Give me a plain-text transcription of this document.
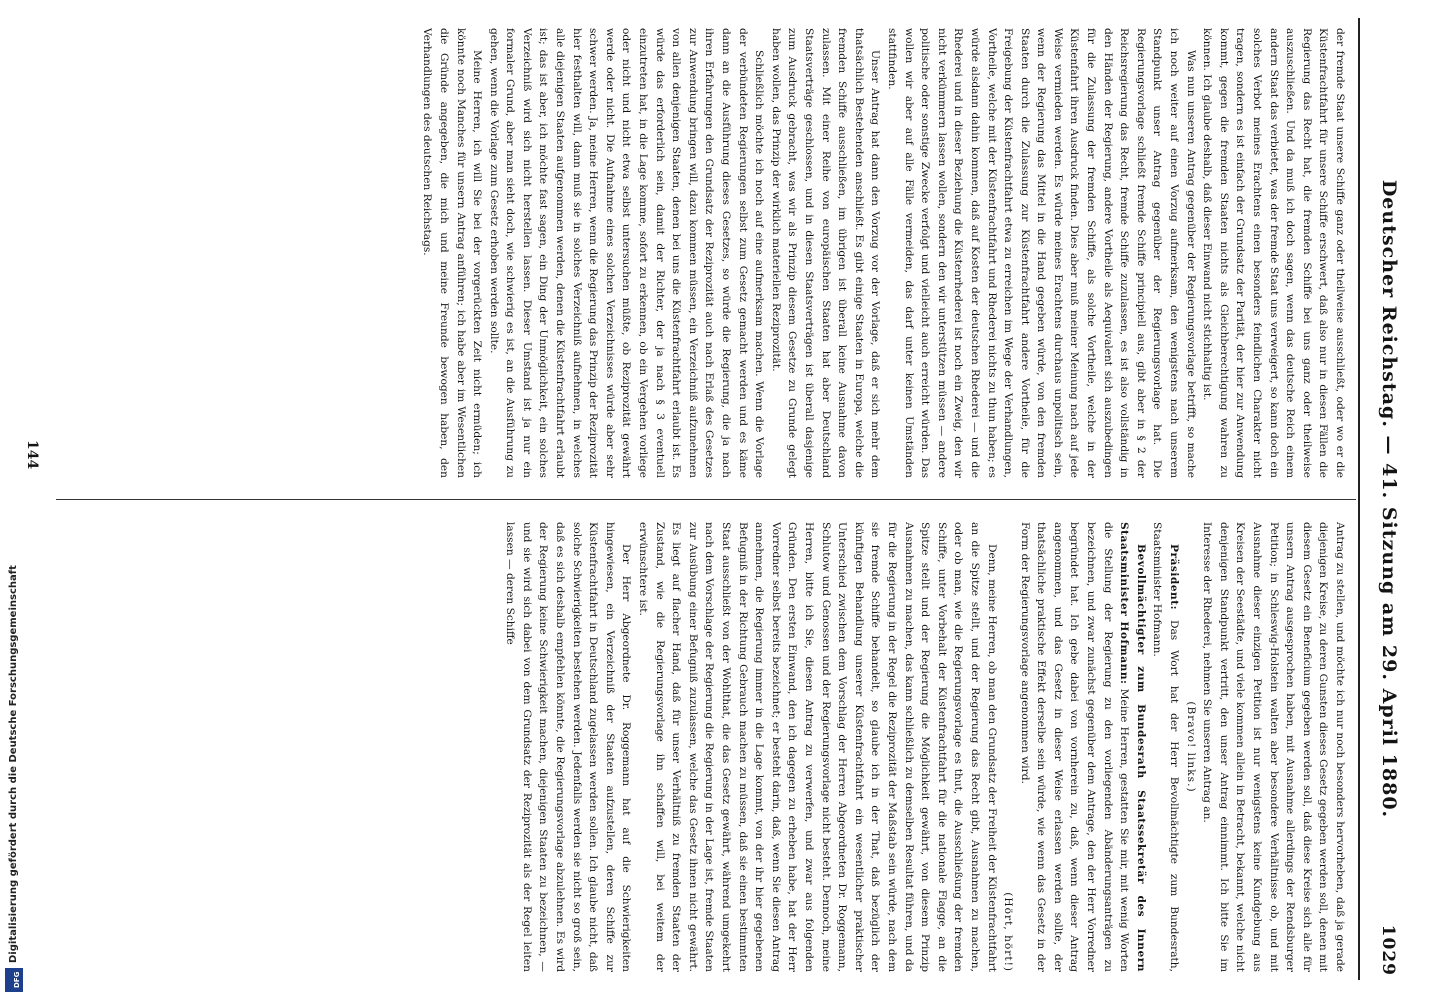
Deutscher Reichstag. — 41. Sitzung am 29. April 1880.
1029

der fremde Staat unsere Schiffe ganz oder theilweise ausschließt, oder wo er die Küstenfrachtfahrt für unsere Schiffe erschwert, daß also nur in diesen Fällen die Regierung das Recht hat, die fremden Schiffe bei uns ganz oder theilweise auszuschließen. Und da muß ich doch sagen, wenn das deutsche Reich einem andern Staat das verbietet, was der fremde Staat uns verweigert, so kann doch ein solches Verbot meines Erachtens einen besonders feindlichen Charakter nicht tragen, sondern es ist einfach der Grundsatz der Parität, der hier zur Anwendung kommt, gegen die fremden Staaten nichts als Gleichberechtigung wahren zu können. Ich glaube deshalb, daß dieser Einwand nicht stichhaltig ist.

Was nun unseren Antrag gegenüber der Regierungsvorlage betrifft, so mache ich noch weiter auf einen Vorzug aufmerksam, den wenigstens nach unserem Standpunkt unser Antrag gegenüber der Regierungsvorlage hat. Die Regierungsvorlage schließt fremde Schiffe principiell aus, gibt aber in § 2 der Reichsregierung das Recht, fremde Schiffe zuzulassen, es ist also vollständig in den Händen der Regierung, andere Vortheile als Aequivalent sich auszubedingen für die Zulassung der fremden Schiffe, als solche Vortheile, welche in der Küstenfahrt ihren Ausdruck finden. Dies aber muß meiner Meinung nach auf jede Weise vermieden werden. Es würde meines Erachtens durchaus unpolitisch sein, wenn der Regierung das Mittel in die Hand gegeben würde, von den fremden Staaten durch die Zulassung zur Küstenfrachtfahrt andere Vortheile, für die Freigebung der Küstenfrachtfahrt etwa zu erreichen im Wege der Verhandlungen, Vortheile, welche mit der Küstenfrachtfahrt und Rhederei nichts zu thun haben; es würde alsdann dahin kommen, daß auf Kosten der deutschen Rhederei — und die Rhederei und in dieser Beziehung die Küstenrhederei ist noch ein Zweig, den wir nicht verkümmern lassen wollen, sondern den wir unterstützen müssen — andere politische oder sonstige Zwecke verfolgt und vielleicht auch erreicht würden. Das wollen wir aber auf alle Fälle vermeiden, das darf unter keinen Umständen stattfinden.

Unser Antrag hat dann den Vorzug vor der Vorlage, daß er sich mehr dem thatsächlich Bestehenden anschließt. Es gibt einige Staaten in Europa, welche die fremden Schiffe ausschließen, im übrigen ist überall keine Ausnahme davon zulassen. Mit einer Reihe von europäischen Staaten hat aber Deutschland Staatsverträge geschlossen, und in diesen Staatsverträgen ist überall dasjenige zum Ausdruck gebracht, was wir als Prinzip diesem Gesetze zu Grunde gelegt haben wollen, das Prinzip der wirklich materiellen Reziprozität.

Schließlich möchte ich noch auf eine aufmerksam machen. Wenn die Vorlage der verbündeten Regierungen selbst zum Gesetz gemacht werden und es käme dann an die Ausführung dieses Gesetzes, so würde die Regierung, die ja nach ihren Erfahrungen den Grundsatz der Reziprozität auch nach Erlaß des Gesetzes zur Anwendung bringen will, dazu kommen müssen, ein Verzeichniß aufzunehmen von allen denjenigen Staaten, denen bei uns die Küstenfrachtfahrt erlaubt ist. Es würde das erforderlich sein, damit der Richter, der ja nach § 3 eventuell einzutreten hat, in die Lage komme, sofort zu erkennen, ob ein Vergehen vorliege oder nicht und nicht etwa selbst untersuchen müßte, ob Reziprozität gewährt werde oder nicht. Die Aufnahme eines solchen Verzeichnisses würde aber sehr schwer werden. Ja, meine Herren, wenn die Regierung das Prinzip der Reziprozität hier festhalten will, dann muß sie in solches Verzeichniß aufnehmen, in welches alle diejenigen Staaten aufgenommen werden, denen die Küstenfrachtfahrt erlaubt ist; das ist aber, ich möchte fast sagen, ein Ding der Unmöglichkeit, ein solches Verzeichniß wird sich nicht herstellen lassen. Dieser Umstand ist ja nur ein formaler Grund, aber man sieht doch, wie schwierig es ist, an die Ausführung zu gehen, wenn die Vorlage zum Gesetz erhoben werden sollte.

Meine Herren, ich will Sie bei der vorgerückten Zeit nicht ermüden; ich könnte noch Manches für unsern Antrag anführen; ich habe aber im Wesentlichen die Gründe angegeben, die mich und meine Freunde bewogen haben, den Verhandlungen des deutschen Reichstags.

Antrag zu stellen, und möchte ich nur noch besonders hervorheben, daß ja gerade diejenigen Kreise, zu deren Gunsten dieses Gesetz gegeben werden soll, denen mit diesem Gesetz ein Beneficium gegeben werden soll, daß diese Kreise sich alle für unsern Antrag ausgesprochen haben, mit Ausnahme allerdings der Rendsburger Petition; in Schleswig-Holstein walten aber besondere Verhältnisse ob, und mit Ausnahme dieser einzigen Petition ist nur wenigstens keine Kundgebung aus Kreisen der Seestädte, und viele kommen allein in Betracht, bekannt, welche nicht denjenigen Standpunkt vertritt, den unser Antrag einnimmt. Ich bitte Sie im Interesse der Rhederei, nehmen Sie unseren Antrag an.

(Bravo! links.)

Präsident: Das Wort hat der Herr Bevollmächtigte zum Bundesrath, Staatsminister Hofmann.

Bevollmächtigter zum Bundesrath Staatssekretär des Innern Staatsminister Hofmann: Meine Herren, gestatten Sie mir, mit wenig Worten die Stellung der Regierung zu den vorliegenden Abänderungsanträgen zu bezeichnen, und zwar zunächst gegenüber dem Antrage, den der Herr Vorredner begründet hat. Ich gebe dabei von vornherein zu, daß, wenn dieser Antrag angenommen, und das Gesetz in dieser Weise erlassen werden sollte, der thatsächliche praktische Effekt derselbe sein würde, wie wenn das Gesetz in der Form der Regierungsvorlage angenommen wird.

(Hört, hört!)

Denn, meine Herren, ob man den Grundsatz der Freiheit der Küstenfrachtfahrt an die Spitze stellt, und der Regierung das Recht gibt, Ausnahmen zu machen, oder ob man, wie die Regierungsvorlage es thut, die Ausschließung der fremden Schiffe, unter Vorbehalt der Küstenfrachtfahrt für die nationale Flagge, an die Spitze stellt und der Regierung die Möglichkeit gewährt, von diesem Prinzip Ausnahmen zu machen, das kann schließlich zu demselben Resultat führen, und da für die Regierung in der Regel die Reziprozität der Maßstab sein würde, nach dem sie fremde Schiffe behandelt, so glaube ich in der That, daß bezüglich der künftigen Behandlung unserer Küstenfrachtfahrt ein wesentlicher praktischer Unterschied zwischen dem Vorschlag der Herren Abgeordneten Dr. Roggemann, Schlutow und Genossen und der Regierungsvorlage nicht besteht. Dennoch, meine Herren, bitte ich Sie, diesen Antrag zu verwerfen, und zwar aus folgenden Gründen. Den ersten Einwand, den ich dagegen zu erheben habe, hat der Herr Vorredner selbst bereits bezeichnet; er besteht darin, daß, wenn Sie diesen Antrag annehmen, die Regierung immer in die Lage kommt, von der ihr hier gegebenen Befugniß in der Richtung Gebrauch machen zu müssen, daß sie einen bestimmten Staat ausschließt von der Wohlthat, die das Gesetz gewährt, während umgekehrt nach dem Vorschlage der Regierung die Regierung in der Lage ist, fremde Staaten zur Ausübung einer Befugniß zuzulassen, welche das Gesetz ihnen nicht gewährt. Es liegt auf flacher Hand, daß für unser Verhältniß zu fremden Staaten der Zustand, wie die Regierungsvorlage ihn schaffen will, bei weitem der erwünschtere ist.

Der Herr Abgeordnete Dr. Roggemann hat auf die Schwierigkeiten hingewiesen, ein Verzeichniß der Staaten aufzustellen, deren Schiffe zur Küstenfrachtfahrt in Deutschland zugelassen werden sollen. Ich glaube nicht, daß solche Schwierigkeiten bestehen werden. Jedenfalls werden sie nicht so groß sein, daß es sich deshalb empfehlen könnte, die Regierungsvorlage abzulehnen. Es wird der Regierung keine Schwierigkeit machen, diejenigen Staaten zu bezeichnen, — und sie wird sich dabei von dem Grundsatz der Reziprozität als der Regel leiten lassen — deren Schiffe

144
Digitalisierung gefördert durch die Deutsche Forschungsgemeinschaft
DFG
